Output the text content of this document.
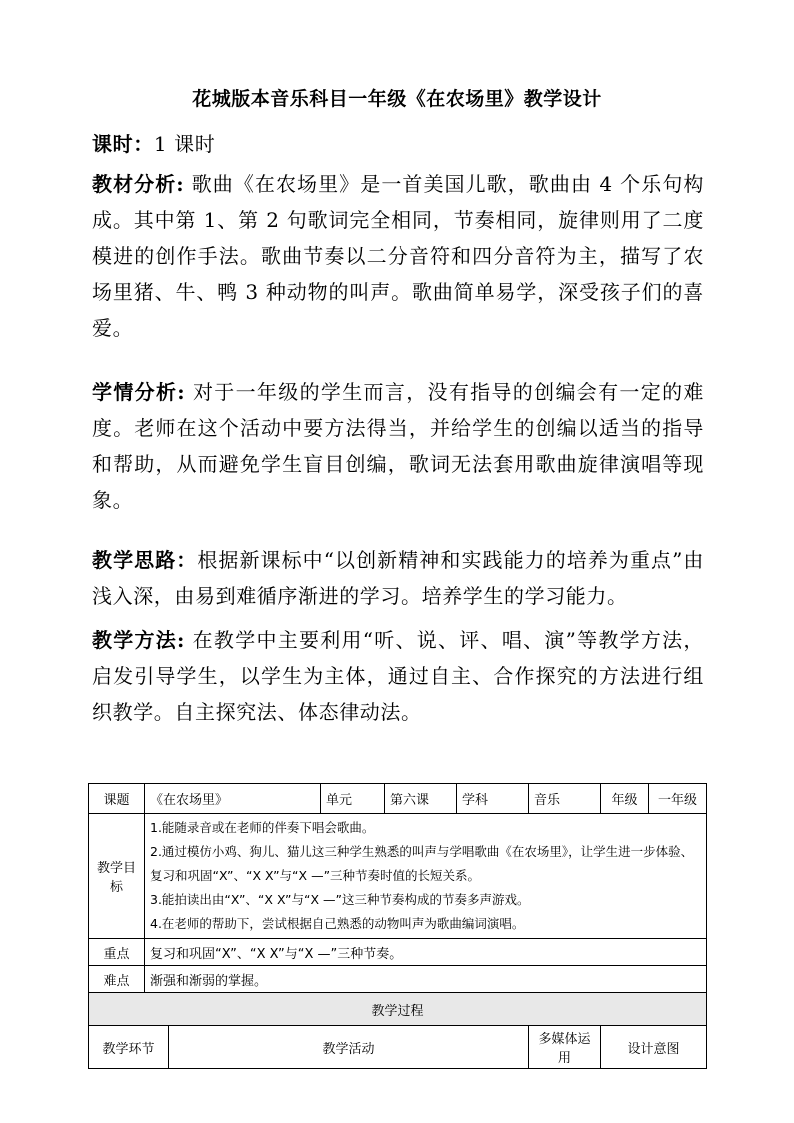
花城版本音乐科目一年级《在农场里》教学设计
课时：1 课时
教材分析: 歌曲《在农场里》是一首美国儿歌，歌曲由 4 个乐句构成。其中第 1、第 2 句歌词完全相同，节奏相同，旋律则用了二度模进的创作手法。歌曲节奏以二分音符和四分音符为主，描写了农场里猪、牛、鸭 3 种动物的叫声。歌曲简单易学，深受孩子们的喜爱。
学情分析: 对于一年级的学生而言，没有指导的创编会有一定的难度。老师在这个活动中要方法得当，并给学生的创编以适当的指导和帮助，从而避免学生盲目创编，歌词无法套用歌曲旋律演唱等现象。
教学思路：根据新课标中“以创新精神和实践能力的培养为重点”由浅入深，由易到难循序渐进的学习。培养学生的学习能力。
教学方法: 在教学中主要利用“听、说、评、唱、演”等教学方法，启发引导学生，以学生为主体，通过自主、合作探究的方法进行组织教学。自主探究法、体态律动法。
课题	《在农场里》		单元	第六课	学科	音乐	年级	一年级
教学目标	1.能随录音或在老师的伴奏下唱会歌曲。
2.通过模仿小鸡、狗儿、猫儿这三种学生熟悉的叫声与学唱歌曲《在农场里》，让学生进一步体验、复习和巩固“X”、“X X”与“X —”三种节奏时值的长短关系。
3.能拍读出由“X”、“X X”与“X —”这三种节奏构成的节奏多声游戏。
4.在老师的帮助下，尝试根据自己熟悉的动物叫声为歌曲编词演唱。							

重点	复习和巩固“X”、“X X”与“X —”三种节奏。							
难点	渐强和渐弱的掌握。							
教学过程								
教学环节		教学活动				多媒体运用	设计意图	
